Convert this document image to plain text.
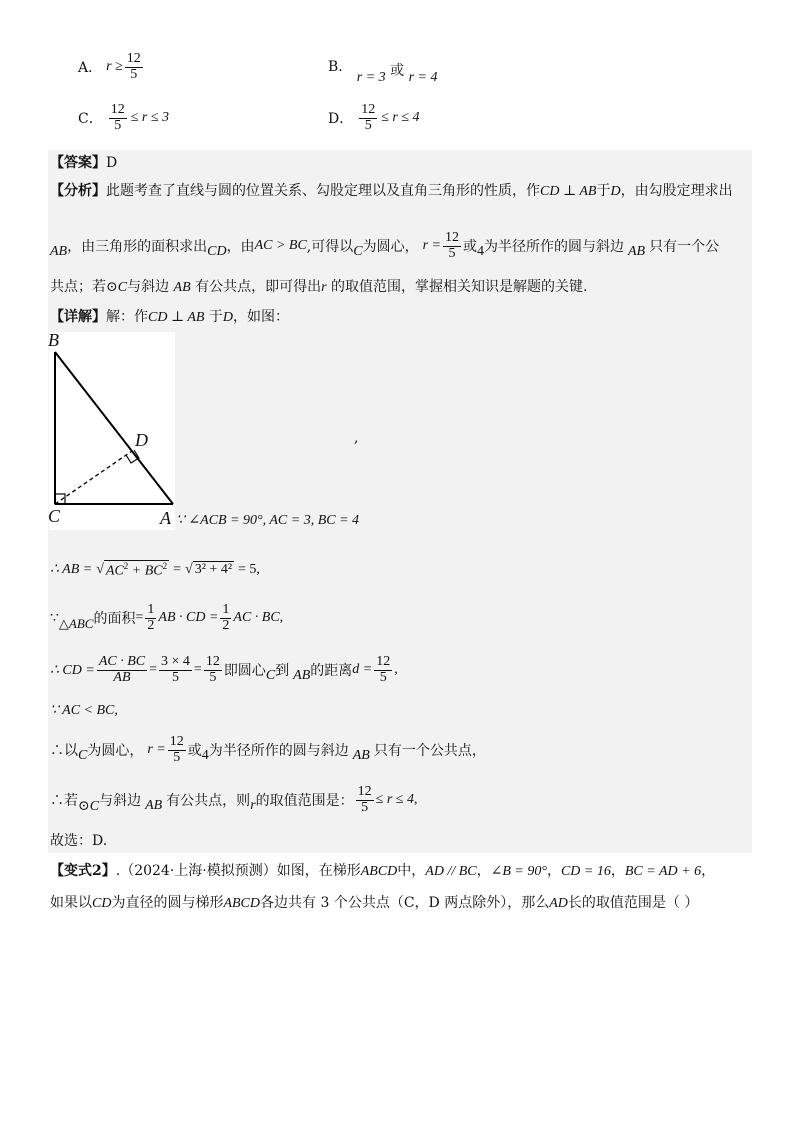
A． $r \ge \frac{12}{5}$	B． r = 3 或 r = 4
C． $\frac{12}{5} \le r \le 3$	D． $\frac{12}{5} \le r \le 4$
【答案】D
【分析】此题考查了直线与圆的位置关系、勾股定理以及直角三角形的性质，作CD ⊥ AB于D，由勾股定理求出
AB ，由三角形的面积求出 CD ，由 AC > BC ,可得以 C 为圆心， $r = \frac{12}{5}$ 或 4 为半径所作的圆与斜边 AB 只有一个公
共点；若⊙C与斜边 AB 有公共点，即可得出r 的取值范围，掌握相关知识是解题的关键.
【详解】解：作CD ⊥ AB 于D，如图：
B
D
C	A
,
∵ ∠ACB = 90°, AC = 3, BC = 4
∴ AB = √ $AC^2 + BC^2$ = √ 3² + 4² = 5,
∵ △ABC 的面积 = $\frac{1}{2}$ AB · CD = $\frac{1}{2}$ AC · BC,
∴ CD = $\frac{AC \cdot BC}{AB} = \frac{3 \times 4}{5} = \frac{12}{5}$ 即圆心 C 到 AB 的距离 $d = \frac{12}{5}$ ,
∵ AC < BC,
∴以 C 为圆心， $r = \frac{12}{5}$ 或 4 为半径所作的圆与斜边 AB 只有一个公共点，
∴若 ⊙C 与斜边 AB 有公共点，则 r 的取值范围是： $\frac{12}{5} \le r \le 4$ ,
故选：D.
【变式2】.（2024·上海·模拟预测）如图，在梯形ABCD中，AD // BC，∠B = 90°，CD = 16，BC = AD + 6，
如果以CD为直径的圆与梯形ABCD各边共有 3 个公共点（C，D 两点除外），那么AD长的取值范围是（ ）
